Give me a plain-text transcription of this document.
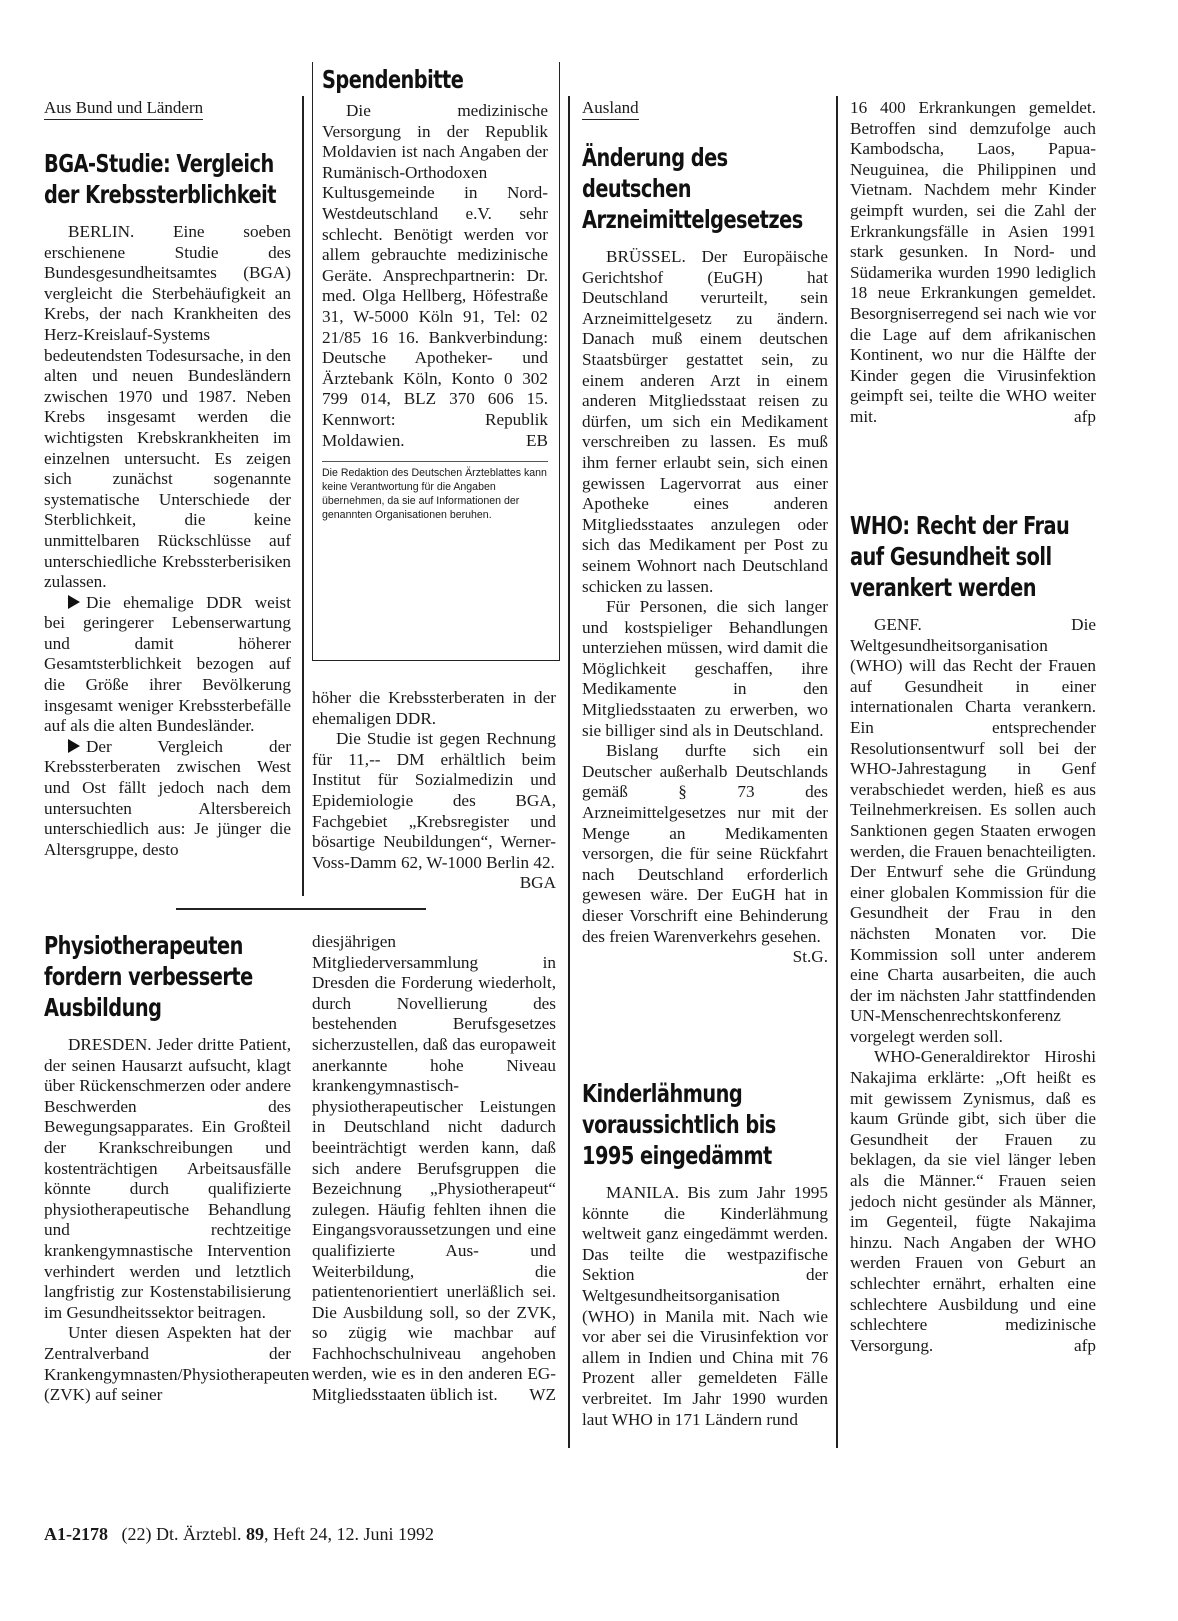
Aus Bund und Ländern
BGA-Studie: Vergleich der Krebssterblichkeit

BERLIN. Eine soeben erschienene Studie des Bundesgesundheitsamtes (BGA) vergleicht die Sterbehäufigkeit an Krebs, der nach Krankheiten des Herz-Kreislauf-Systems bedeutendsten Todesursache, in den alten und neuen Bundesländern zwischen 1970 und 1987. Neben Krebs insgesamt werden die wichtigsten Krebskrankheiten im einzelnen untersucht. Es zeigen sich zunächst sogenannte systematische Unterschiede der Sterblichkeit, die keine unmittelbaren Rückschlüsse auf unterschiedliche Krebssterberisiken zulassen.

Die ehemalige DDR weist bei geringerer Lebenserwartung und damit höherer Gesamtsterblichkeit bezogen auf die Größe ihrer Bevölkerung insgesamt weniger Krebssterbefälle auf als die alten Bundesländer.

Der Vergleich der Krebssterberaten zwischen West und Ost fällt jedoch nach dem untersuchten Altersbereich unterschiedlich aus: Je jünger die Altersgruppe, desto

Spendenbitte

Die medizinische Versorgung in der Republik Moldavien ist nach Angaben der Rumänisch-Orthodoxen Kultusgemeinde in Nord-Westdeutschland e.V. sehr schlecht. Benötigt werden vor allem gebrauchte medizinische Geräte. Ansprechpartnerin: Dr. med. Olga Hellberg, Höfestraße 31, W-5000 Köln 91, Tel: 02 21/85 16 16. Bankverbindung: Deutsche Apotheker- und Ärztebank Köln, Konto 0 302 799 014, BLZ 370 606 15. Kennwort: Republik Moldawien.	EB

Die Redaktion des Deutschen Ärzteblattes kann keine Verantwortung für die Angaben übernehmen, da sie auf Informationen der genannten Organisationen beruhen.

höher die Krebssterberaten in der ehemaligen DDR.

Die Studie ist gegen Rechnung für 11,-- DM erhältlich beim Institut für Sozialmedizin und Epidemiologie des BGA, Fachgebiet „Krebsregister und bösartige Neubildungen“, Werner-Voss-Damm 62, W-1000 Berlin 42.
BGA

Physiotherapeuten fordern verbesserte Ausbildung

DRESDEN. Jeder dritte Patient, der seinen Hausarzt aufsucht, klagt über Rückenschmerzen oder andere Beschwerden des Bewegungsapparates. Ein Großteil der Krankschreibungen und kostenträchtigen Arbeitsausfälle könnte durch qualifizierte physiotherapeutische Behandlung und rechtzeitige krankengymnastische Intervention verhindert werden und letztlich langfristig zur Kostenstabilisierung im Gesundheitssektor beitragen.

Unter diesen Aspekten hat der Zentralverband der Krankengymnasten/Physiotherapeuten (ZVK) auf seiner

diesjährigen Mitgliederversammlung in Dresden die Forderung wiederholt, durch Novellierung des bestehenden Berufsgesetzes sicherzustellen, daß das europaweit anerkannte hohe Niveau krankengymnastisch-physiotherapeutischer Leistungen in Deutschland nicht dadurch beeinträchtigt werden kann, daß sich andere Berufsgruppen die Bezeichnung „Physiotherapeut“ zulegen. Häufig fehlten ihnen die Eingangsvoraussetzungen und eine qualifizierte Aus- und Weiterbildung, die patientenorientiert unerläßlich sei. Die Ausbildung soll, so der ZVK, so zügig wie machbar auf Fachhochschulniveau angehoben werden, wie es in den anderen EG-Mitgliedsstaaten üblich ist. WZ

Ausland
Änderung des deutschen Arzneimittelgesetzes

BRÜSSEL. Der Europäische Gerichtshof (EuGH) hat Deutschland verurteilt, sein Arzneimittelgesetz zu ändern. Danach muß einem deutschen Staatsbürger gestattet sein, zu einem anderen Arzt in einem anderen Mitgliedsstaat reisen zu dürfen, um sich ein Medikament verschreiben zu lassen. Es muß ihm ferner erlaubt sein, sich einen gewissen Lagervorrat aus einer Apotheke eines anderen Mitgliedsstaates anzulegen oder sich das Medikament per Post zu seinem Wohnort nach Deutschland schicken zu lassen.

Für Personen, die sich langer und kostspieliger Behandlungen unterziehen müssen, wird damit die Möglichkeit geschaffen, ihre Medikamente in den Mitgliedsstaaten zu erwerben, wo sie billiger sind als in Deutschland.

Bislang durfte sich ein Deutscher außerhalb Deutschlands gemäß § 73 des Arzneimittelgesetzes nur mit der Menge an Medikamenten versorgen, die für seine Rückfahrt nach Deutschland erforderlich gewesen wäre. Der EuGH hat in dieser Vorschrift eine Behinderung des freien Warenverkehrs gesehen.
St.G.

Kinderlähmung voraussichtlich bis 1995 eingedämmt

MANILA. Bis zum Jahr 1995 könnte die Kinderlähmung weltweit ganz eingedämmt werden. Das teilte die westpazifische Sektion der Weltgesundheitsorganisation (WHO) in Manila mit. Nach wie vor aber sei die Virusinfektion vor allem in Indien und China mit 76 Prozent aller gemeldeten Fälle verbreitet. Im Jahr 1990 wurden laut WHO in 171 Ländern rund

16 400 Erkrankungen gemeldet. Betroffen sind demzufolge auch Kambodscha, Laos, Papua-Neuguinea, die Philippinen und Vietnam. Nachdem mehr Kinder geimpft wurden, sei die Zahl der Erkrankungsfälle in Asien 1991 stark gesunken. In Nord- und Südamerika wurden 1990 lediglich 18 neue Erkrankungen gemeldet. Besorgniserregend sei nach wie vor die Lage auf dem afrikanischen Kontinent, wo nur die Hälfte der Kinder gegen die Virusinfektion geimpft sei, teilte die WHO weiter mit.	afp

WHO: Recht der Frau auf Gesundheit soll verankert werden

GENF. Die Weltgesundheitsorganisation (WHO) will das Recht der Frauen auf Gesundheit in einer internationalen Charta verankern. Ein entsprechender Resolutionsentwurf soll bei der WHO-Jahrestagung in Genf verabschiedet werden, hieß es aus Teilnehmerkreisen. Es sollen auch Sanktionen gegen Staaten erwogen werden, die Frauen benachteiligten. Der Entwurf sehe die Gründung einer globalen Kommission für die Gesundheit der Frau in den nächsten Monaten vor. Die Kommission soll unter anderem eine Charta ausarbeiten, die auch der im nächsten Jahr stattfindenden UN-Menschenrechtskonferenz vorgelegt werden soll.

WHO-Generaldirektor Hiroshi Nakajima erklärte: „Oft heißt es mit gewissem Zynismus, daß es kaum Gründe gibt, sich über die Gesundheit der Frauen zu beklagen, da sie viel länger leben als die Männer.“ Frauen seien jedoch nicht gesünder als Männer, im Gegenteil, fügte Nakajima hinzu. Nach Angaben der WHO werden Frauen von Geburt an schlechter ernährt, erhalten eine schlechtere Ausbildung und eine schlechtere medizinische Versorgung.	afp

A1-2178 (22) Dt. Ärztebl. 89, Heft 24, 12. Juni 1992
